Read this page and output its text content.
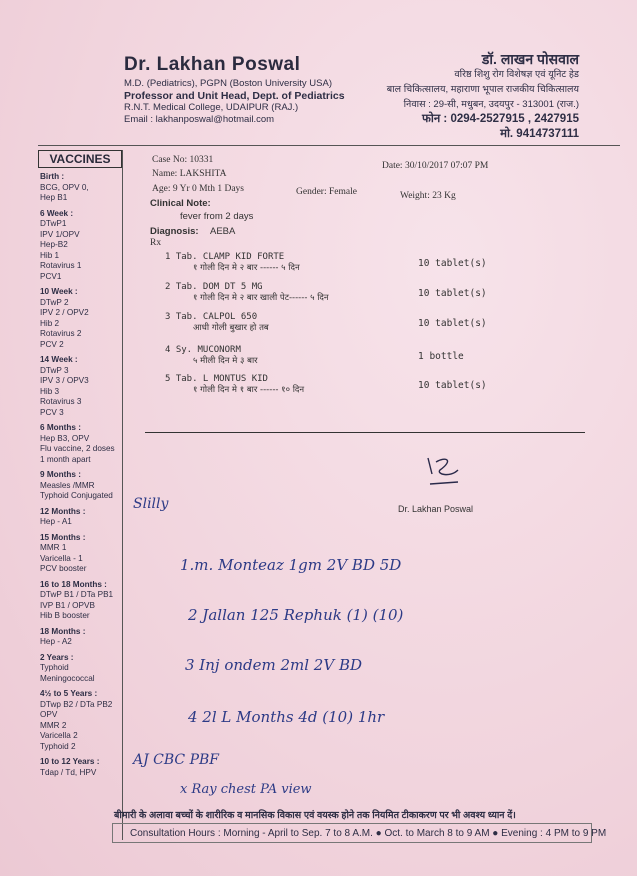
Dr. Lakhan Poswal
M.D. (Pediatrics), PGPN (Boston University USA)
Professor and Unit Head, Dept. of Pediatrics
R.N.T. Medical College, UDAIPUR (RAJ.)
Email : lakhanposwal@hotmail.com
डॉ. लाखन पोसवाल
वरिष्ठ शिशु रोग विशेषज्ञ एवं यूनिट हेड
बाल चिकित्सालय, महाराणा भूपाल राजकीय चिकित्सालय
निवास : 29-सी, मधुबन, उदयपुर - 313001 (राज.)
फोन : 0294-2527915 , 2427915
मो. 9414737111
VACCINES
Birth :
BCG, OPV 0,
Hep B1
6 Week :
DTwP1
IPV 1/OPV
Hep-B2
Hib 1
Rotavirus 1
PCV1
10 Week :
DTwP 2
IPV 2 / OPV2
Hib 2
Rotavirus 2
PCV 2
14 Week :
DTwP 3
IPV 3 / OPV3
Hib 3
Rotavirus 3
PCV 3
6 Months :
Hep B3, OPV
Flu vaccine, 2 doses
1 month apart
9 Months :
Measles /MMR
Typhoid Conjugated
12 Months :
Hep - A1
15 Months :
MMR 1
Varicella - 1
PCV booster
16 to 18 Months :
DTwP B1 / DTa PB1
IVP B1 / OPVB
Hib B booster
18 Months :
Hep - A2
2 Years :
Typhoid
Meningococcal
4½ to 5 Years :
DTwp B2 / DTa PB2
OPV
MMR 2
Varicella 2
Typhoid 2
10 to 12 Years :
Tdap / Td, HPV
Case No: 10331
Date: 30/10/2017 07:07 PM
Name: LAKSHITA
Age: 9 Yr 0 Mth 1 Days	Gender: Female	Weight: 23 Kg
Clinical Note:
fever from 2 days
Diagnosis: AEBA
Rx
1 Tab. CLAMP KID FORTE
१ गोली दिन मे २ बार ------ ५ दिन	10 tablet(s)
2 Tab. DOM DT 5 MG
१ गोली दिन मे २ बार खाली पेट------ ५ दिन	10 tablet(s)
3 Tab. CALPOL 650
आधी गोली बुखार हो तब	10 tablet(s)
4 Sy. MUCONORM
५ मीली दिन मे ३ बार	1 bottle
5 Tab. L MONTUS KID
१ गोली दिन मे १ बार ------ १० दिन	10 tablet(s)
Dr. Lakhan Poswal
Slilly
1.m. Monteaz 1gm 2V BD 5D
2 Jallan 125 Rephuk (1) (10)
3 Inj ondem 2ml 2V BD
4 2l L Months 4d (10) 1hr
AJ CBC PBF
x Ray chest PA view
बीमारी के अलावा बच्चों के शारीरिक व मानसिक विकास एवं वयस्क होने तक नियमित टीकाकरण पर भी अवश्य ध्यान दें।
Consultation Hours : Morning - April to Sep. 7 to 8 A.M. ● Oct. to March 8 to 9 AM ● Evening : 4 PM to 9 PM
